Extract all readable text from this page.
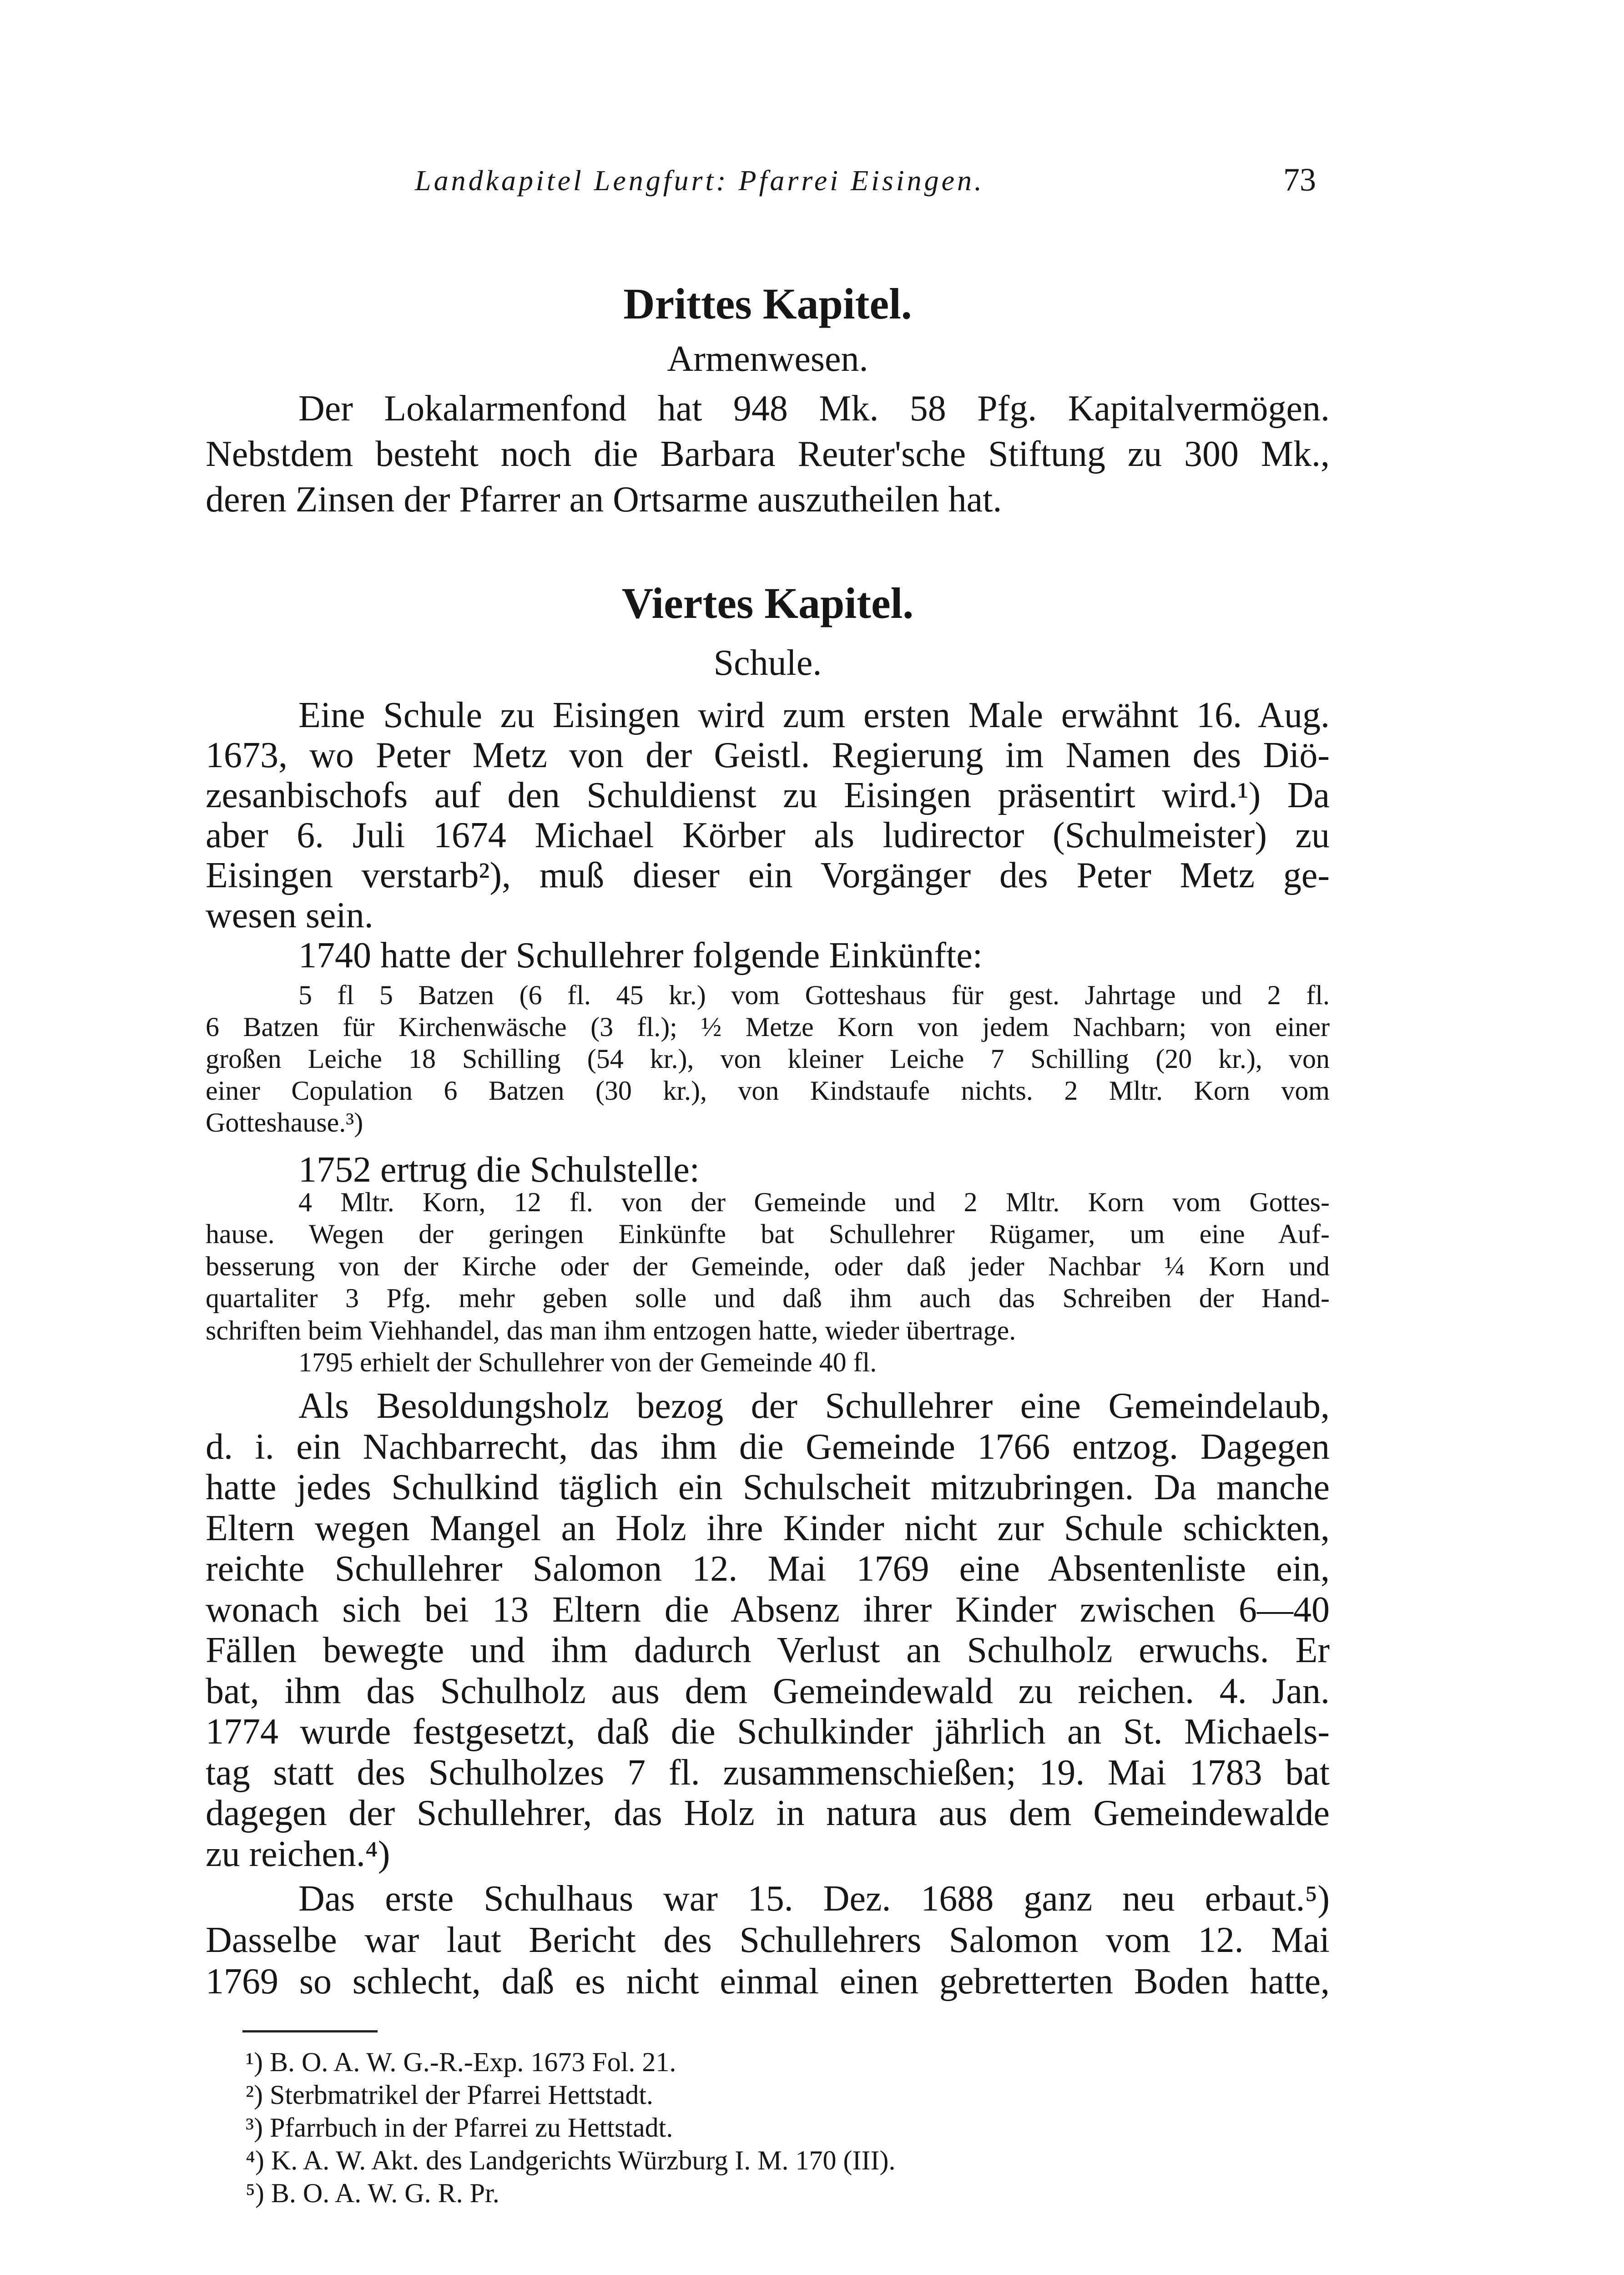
Landkapitel Lengfurt: Pfarrei Eisingen.	73
Drittes Kapitel.
Armenwesen.
Der Lokalarmenfond hat 948 Mk. 58 Pfg. Kapitalvermögen.
Nebstdem besteht noch die Barbara Reuter'sche Stiftung zu 300 Mk.,
deren Zinsen der Pfarrer an Ortsarme auszutheilen hat.
Viertes Kapitel.
Schule.
Eine Schule zu Eisingen wird zum ersten Male erwähnt 16. Aug.
1673, wo Peter Metz von der Geistl. Regierung im Namen des Diö-
zesanbischofs auf den Schuldienst zu Eisingen präsentirt wird.¹) Da
aber 6. Juli 1674 Michael Körber als ludirector (Schulmeister) zu
Eisingen verstarb²), muß dieser ein Vorgänger des Peter Metz ge-
wesen sein.
1740 hatte der Schullehrer folgende Einkünfte:
5 fl 5 Batzen (6 fl. 45 kr.) vom Gotteshaus für gest. Jahrtage und 2 fl.
6 Batzen für Kirchenwäsche (3 fl.); ½ Metze Korn von jedem Nachbarn; von einer
großen Leiche 18 Schilling (54 kr.), von kleiner Leiche 7 Schilling (20 kr.), von
einer Copulation 6 Batzen (30 kr.), von Kindstaufe nichts. 2 Mltr. Korn vom
Gotteshause.³)
1752 ertrug die Schulstelle:
4 Mltr. Korn, 12 fl. von der Gemeinde und 2 Mltr. Korn vom Gottes-
hause. Wegen der geringen Einkünfte bat Schullehrer Rügamer, um eine Auf-
besserung von der Kirche oder der Gemeinde, oder daß jeder Nachbar ¼ Korn und
quartaliter 3 Pfg. mehr geben solle und daß ihm auch das Schreiben der Hand-
schriften beim Viehhandel, das man ihm entzogen hatte, wieder übertrage.
1795 erhielt der Schullehrer von der Gemeinde 40 fl.
Als Besoldungsholz bezog der Schullehrer eine Gemeindelaub,
d. i. ein Nachbarrecht, das ihm die Gemeinde 1766 entzog. Dagegen
hatte jedes Schulkind täglich ein Schulscheit mitzubringen. Da manche
Eltern wegen Mangel an Holz ihre Kinder nicht zur Schule schickten,
reichte Schullehrer Salomon 12. Mai 1769 eine Absentenliste ein,
wonach sich bei 13 Eltern die Absenz ihrer Kinder zwischen 6—40
Fällen bewegte und ihm dadurch Verlust an Schulholz erwuchs. Er
bat, ihm das Schulholz aus dem Gemeindewald zu reichen. 4. Jan.
1774 wurde festgesetzt, daß die Schulkinder jährlich an St. Michaels-
tag statt des Schulholzes 7 fl. zusammenschießen; 19. Mai 1783 bat
dagegen der Schullehrer, das Holz in natura aus dem Gemeindewalde
zu reichen.⁴)
Das erste Schulhaus war 15. Dez. 1688 ganz neu erbaut.⁵)
Dasselbe war laut Bericht des Schullehrers Salomon vom 12. Mai
1769 so schlecht, daß es nicht einmal einen gebretterten Boden hatte,
¹) B. O. A. W. G.-R.-Exp. 1673 Fol. 21.
²) Sterbmatrikel der Pfarrei Hettstadt.
³) Pfarrbuch in der Pfarrei zu Hettstadt.
⁴) K. A. W. Akt. des Landgerichts Würzburg I. M. 170 (III).
⁵) B. O. A. W. G. R. Pr.
